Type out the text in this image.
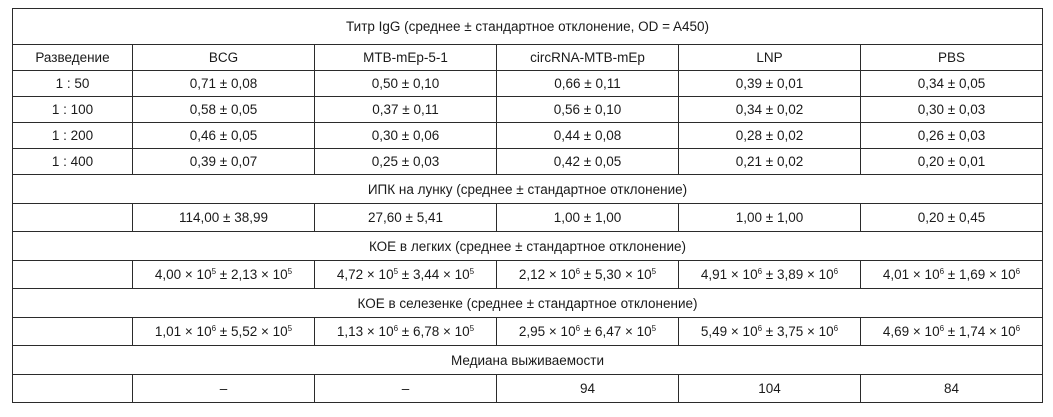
Титр IgG (среднее ± стандартное отклонение, OD = A450)					
Разведение	BCG	MTB-mEp-5-1	circRNA-MTB-mEp	LNP	PBS
1 : 50	0,71 ± 0,08	0,50 ± 0,10	0,66 ± 0,11	0,39 ± 0,01	0,34 ± 0,05
1 : 100	0,58 ± 0,05	0,37 ± 0,11	0,56 ± 0,10	0,34 ± 0,02	0,30 ± 0,03
1 : 200	0,46 ± 0,05	0,30 ± 0,06	0,44 ± 0,08	0,28 ± 0,02	0,26 ± 0,03
1 : 400	0,39 ± 0,07	0,25 ± 0,03	0,42 ± 0,05	0,21 ± 0,02	0,20 ± 0,01
ИПК на лунку (среднее ± стандартное отклонение)					
	114,00 ± 38,99	27,60 ± 5,41	1,00 ± 1,00	1,00 ± 1,00	0,20 ± 0,45
КОЕ в легких (среднее ± стандартное отклонение)					
	$4,00 \times 10^5 \pm 2,13 \times 10^5$	$4,72 \times 10^5 \pm 3,44 \times 10^5$	$2,12 \times 10^6 \pm 5,30 \times 10^5$	$4,91 \times 10^6 \pm 3,89 \times 10^6$	$4,01 \times 10^6 \pm 1,69 \times 10^6$
КОЕ в селезенке (среднее ± стандартное отклонение)					
	$1,01 \times 10^6 \pm 5,52 \times 10^5$	$1,13 \times 10^6 \pm 6,78 \times 10^5$	$2,95 \times 10^6 \pm 6,47 \times 10^5$	$5,49 \times 10^6 \pm 3,75 \times 10^6$	$4,69 \times 10^6 \pm 1,74 \times 10^6$
Медиана выживаемости					
	–	–	94	104	84
